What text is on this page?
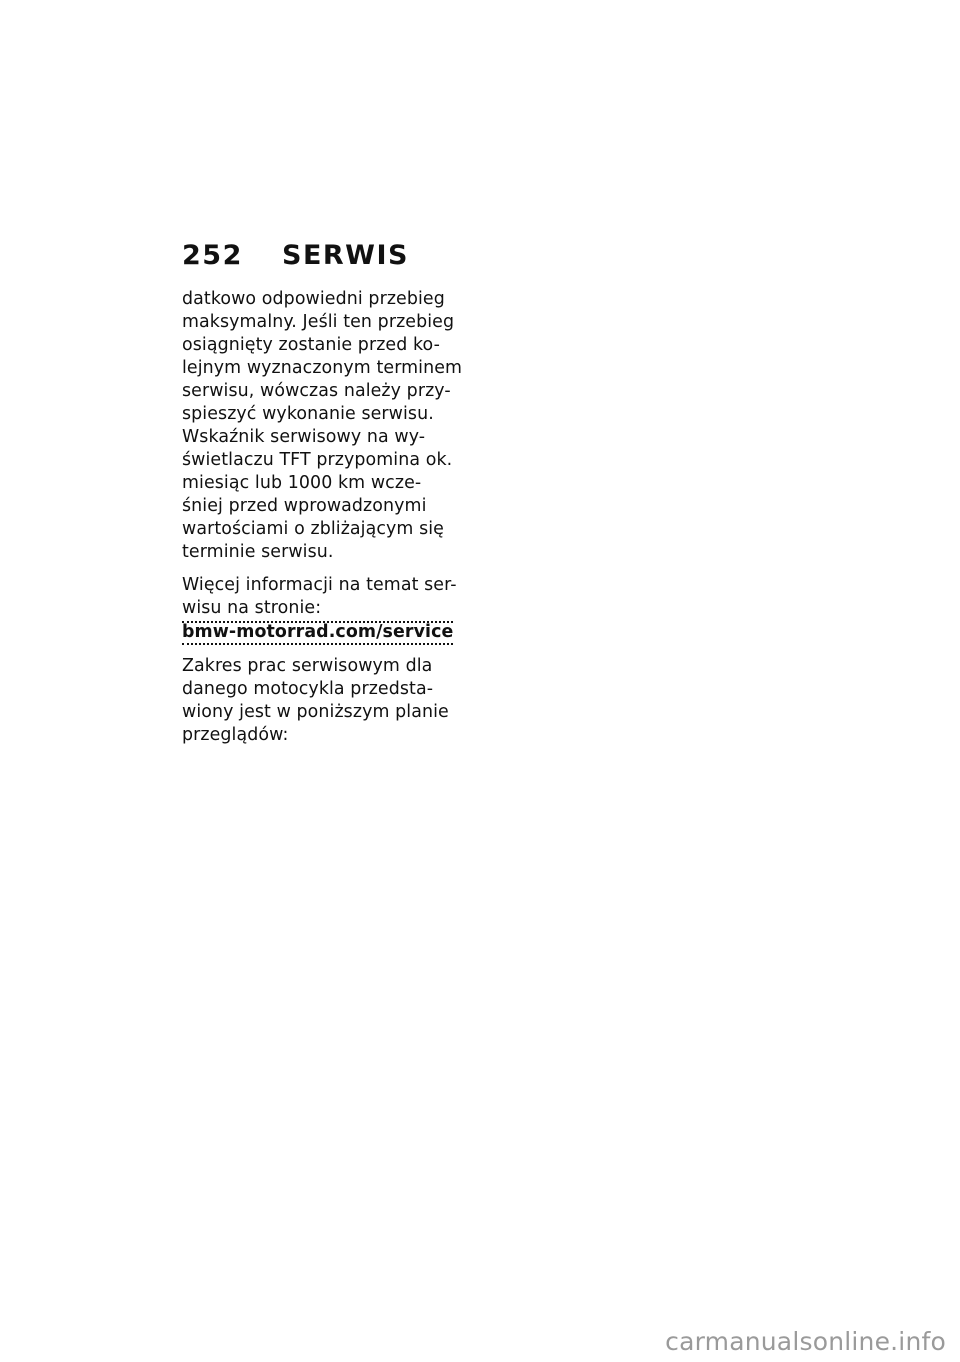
252	SERWIS

datkowo odpowiedni przebieg
maksymalny. Jeśli ten przebieg
osiągnięty zostanie przed ko-
lejnym wyznaczonym terminem
serwisu, wówczas należy przy-
spieszyć wykonanie serwisu.
Wskaźnik serwisowy na wy-
świetlaczu TFT przypomina ok.
miesiąc lub 1000 km wcze-
śniej przed wprowadzonymi
wartościami o zbliżającym się
terminie serwisu.

Więcej informacji na temat ser-
wisu na stronie:
bmw-motorrad.com/service

Zakres prac serwisowym dla
danego motocykla przedsta-
wiony jest w poniższym planie
przeglądów:

carmanualsonline.info
